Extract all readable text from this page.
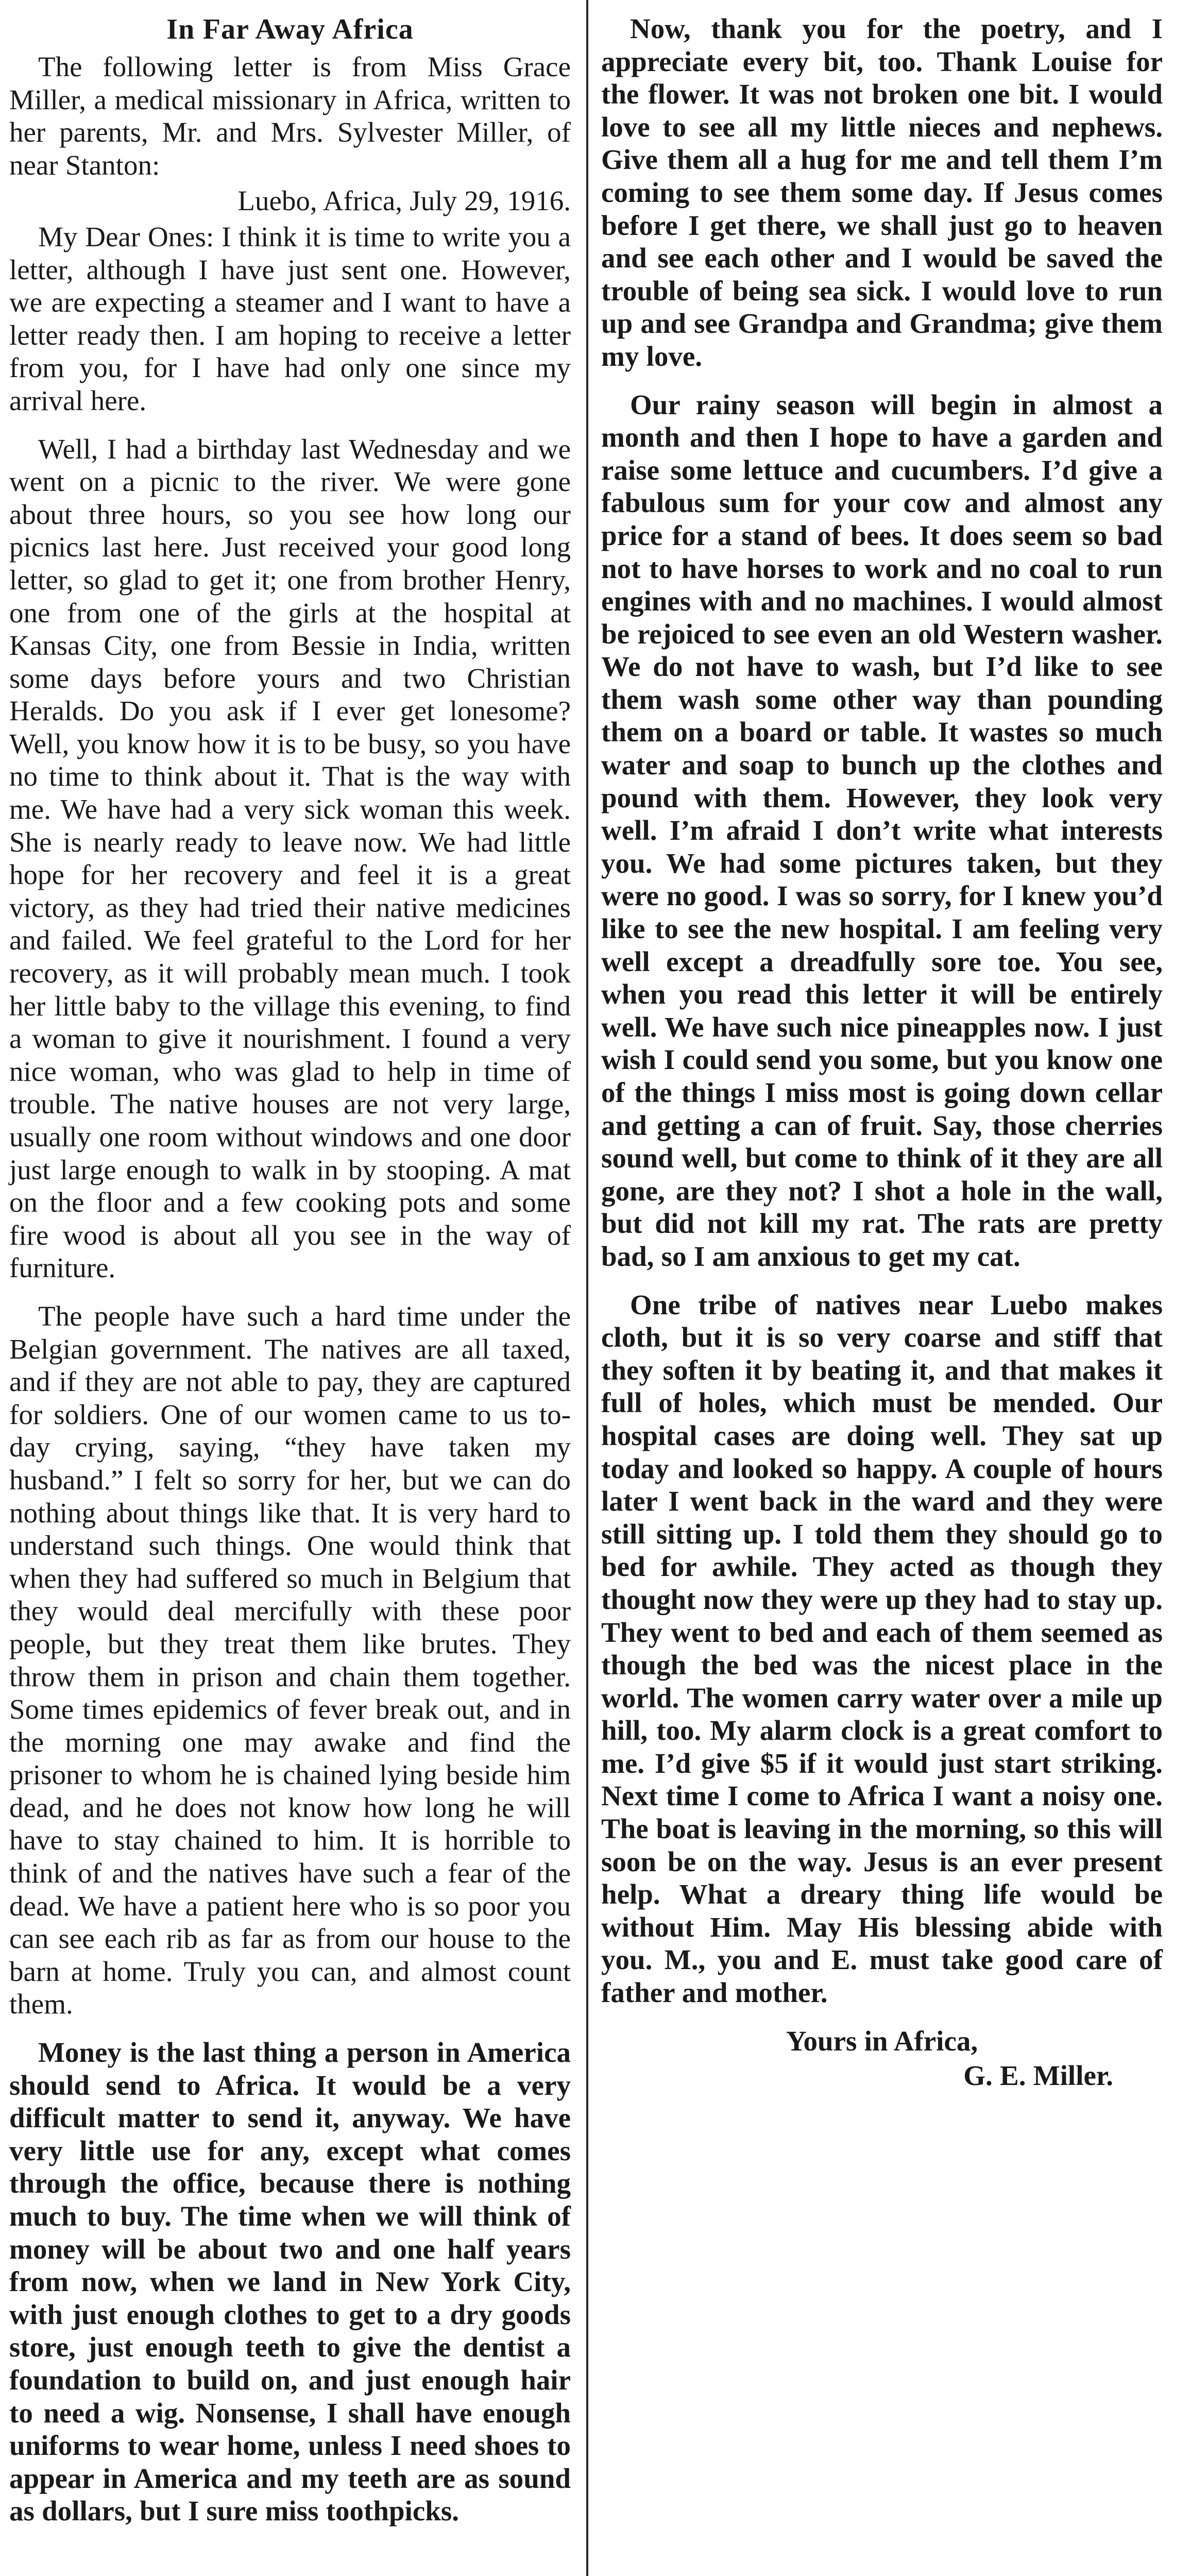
In Far Away Africa

The following letter is from Miss Grace Miller, a medical missionary in Africa, written to her parents, Mr. and Mrs. Sylvester Miller, of near Stanton:

Luebo, Africa, July 29, 1916.

My Dear Ones: I think it is time to write you a letter, although I have just sent one. However, we are expecting a steamer and I want to have a letter ready then. I am hoping to receive a letter from you, for I have had only one since my arrival here.

Well, I had a birthday last Wednesday and we went on a picnic to the river. We were gone about three hours, so you see how long our picnics last here. Just received your good long letter, so glad to get it; one from brother Henry, one from one of the girls at the hospital at Kansas City, one from Bessie in India, written some days before yours and two Christian Heralds. Do you ask if I ever get lonesome? Well, you know how it is to be busy, so you have no time to think about it. That is the way with me. We have had a very sick woman this week. She is nearly ready to leave now. We had little hope for her recovery and feel it is a great victory, as they had tried their native medicines and failed. We feel grateful to the Lord for her recovery, as it will probably mean much. I took her little baby to the village this evening, to find a woman to give it nourishment. I found a very nice woman, who was glad to help in time of trouble. The native houses are not very large, usually one room without windows and one door just large enough to walk in by stooping. A mat on the floor and a few cooking pots and some fire wood is about all you see in the way of furniture.

The people have such a hard time under the Belgian government. The natives are all taxed, and if they are not able to pay, they are captured for soldiers. One of our women came to us to-day crying, saying, “they have taken my husband.” I felt so sorry for her, but we can do nothing about things like that. It is very hard to understand such things. One would think that when they had suffered so much in Belgium that they would deal mercifully with these poor people, but they treat them like brutes. They throw them in prison and chain them together. Some times epidemics of fever break out, and in the morning one may awake and find the prisoner to whom he is chained lying beside him dead, and he does not know how long he will have to stay chained to him. It is horrible to think of and the natives have such a fear of the dead. We have a patient here who is so poor you can see each rib as far as from our house to the barn at home. Truly you can, and almost count them.

Money is the last thing a person in America should send to Africa. It would be a very difficult matter to send it, anyway. We have very little use for any, except what comes through the office, because there is nothing much to buy. The time when we will think of money will be about two and one half years from now, when we land in New York City, with just enough clothes to get to a dry goods store, just enough teeth to give the dentist a foundation to build on, and just enough hair to need a wig. Nonsense, I shall have enough uniforms to wear home, unless I need shoes to appear in America and my teeth are as sound as dollars, but I sure miss toothpicks.

Now, thank you for the poetry, and I appreciate every bit, too. Thank Louise for the flower. It was not broken one bit. I would love to see all my little nieces and nephews. Give them all a hug for me and tell them I’m coming to see them some day. If Jesus comes before I get there, we shall just go to heaven and see each other and I would be saved the trouble of being sea sick. I would love to run up and see Grandpa and Grandma; give them my love.

Our rainy season will begin in almost a month and then I hope to have a garden and raise some lettuce and cucumbers. I’d give a fabulous sum for your cow and almost any price for a stand of bees. It does seem so bad not to have horses to work and no coal to run engines with and no machines. I would almost be rejoiced to see even an old Western washer. We do not have to wash, but I’d like to see them wash some other way than pounding them on a board or table. It wastes so much water and soap to bunch up the clothes and pound with them. However, they look very well. I’m afraid I don’t write what interests you. We had some pictures taken, but they were no good. I was so sorry, for I knew you’d like to see the new hospital. I am feeling very well except a dreadfully sore toe. You see, when you read this letter it will be entirely well. We have such nice pineapples now. I just wish I could send you some, but you know one of the things I miss most is going down cellar and getting a can of fruit. Say, those cherries sound well, but come to think of it they are all gone, are they not? I shot a hole in the wall, but did not kill my rat. The rats are pretty bad, so I am anxious to get my cat.

One tribe of natives near Luebo makes cloth, but it is so very coarse and stiff that they soften it by beating it, and that makes it full of holes, which must be mended. Our hospital cases are doing well. They sat up today and looked so happy. A couple of hours later I went back in the ward and they were still sitting up. I told them they should go to bed for awhile. They acted as though they thought now they were up they had to stay up. They went to bed and each of them seemed as though the bed was the nicest place in the world. The women carry water over a mile up hill, too. My alarm clock is a great comfort to me. I’d give $5 if it would just start striking. Next time I come to Africa I want a noisy one. The boat is leaving in the morning, so this will soon be on the way. Jesus is an ever present help. What a dreary thing life would be without Him. May His blessing abide with you. M., you and E. must take good care of father and mother.

Yours in Africa,
G. E. Miller.
